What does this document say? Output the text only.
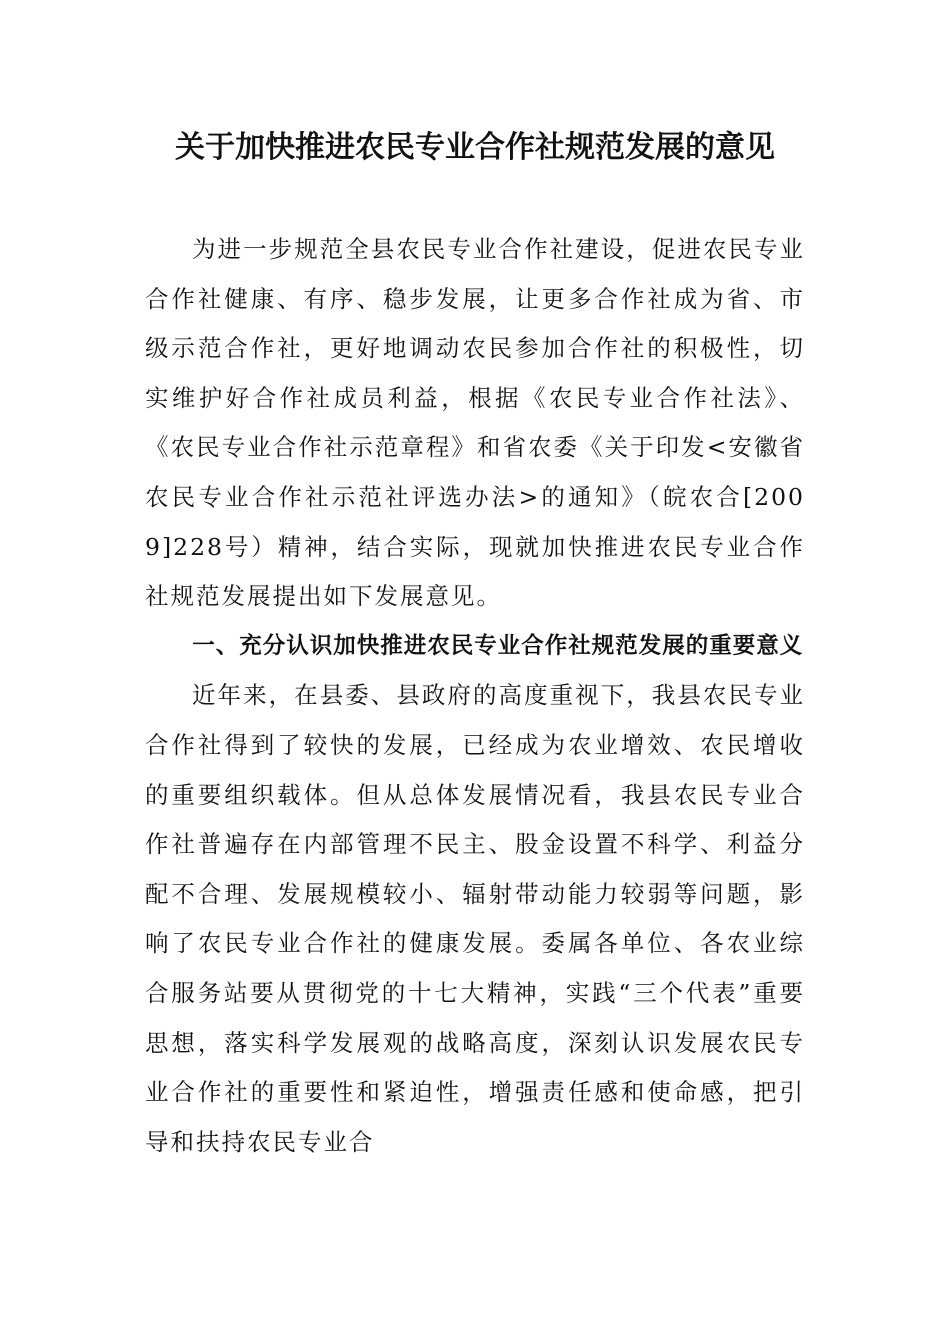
关于加快推进农民专业合作社规范发展的意见

为进一步规范全县农民专业合作社建设，促进农民专业合作社健康、有序、稳步发展，让更多合作社成为省、市级示范合作社，更好地调动农民参加合作社的积极性，切实维护好合作社成员利益，根据《农民专业合作社法》、《农民专业合作社示范章程》和省农委《关于印发<安徽省农民专业合作社示范社评选办法>的通知》（皖农合[2009]228号）精神，结合实际，现就加快推进农民专业合作社规范发展提出如下发展意见。

一、充分认识加快推进农民专业合作社规范发展的重要意义

近年来，在县委、县政府的高度重视下，我县农民专业合作社得到了较快的发展，已经成为农业增效、农民增收的重要组织载体。但从总体发展情况看，我县农民专业合作社普遍存在内部管理不民主、股金设置不科学、利益分配不合理、发展规模较小、辐射带动能力较弱等问题，影响了农民专业合作社的健康发展。委属各单位、各农业综合服务站要从贯彻党的十七大精神，实践“三个代表”重要思想，落实科学发展观的战略高度，深刻认识发展农民专业合作社的重要性和紧迫性，增强责任感和使命感，把引导和扶持农民专业合
